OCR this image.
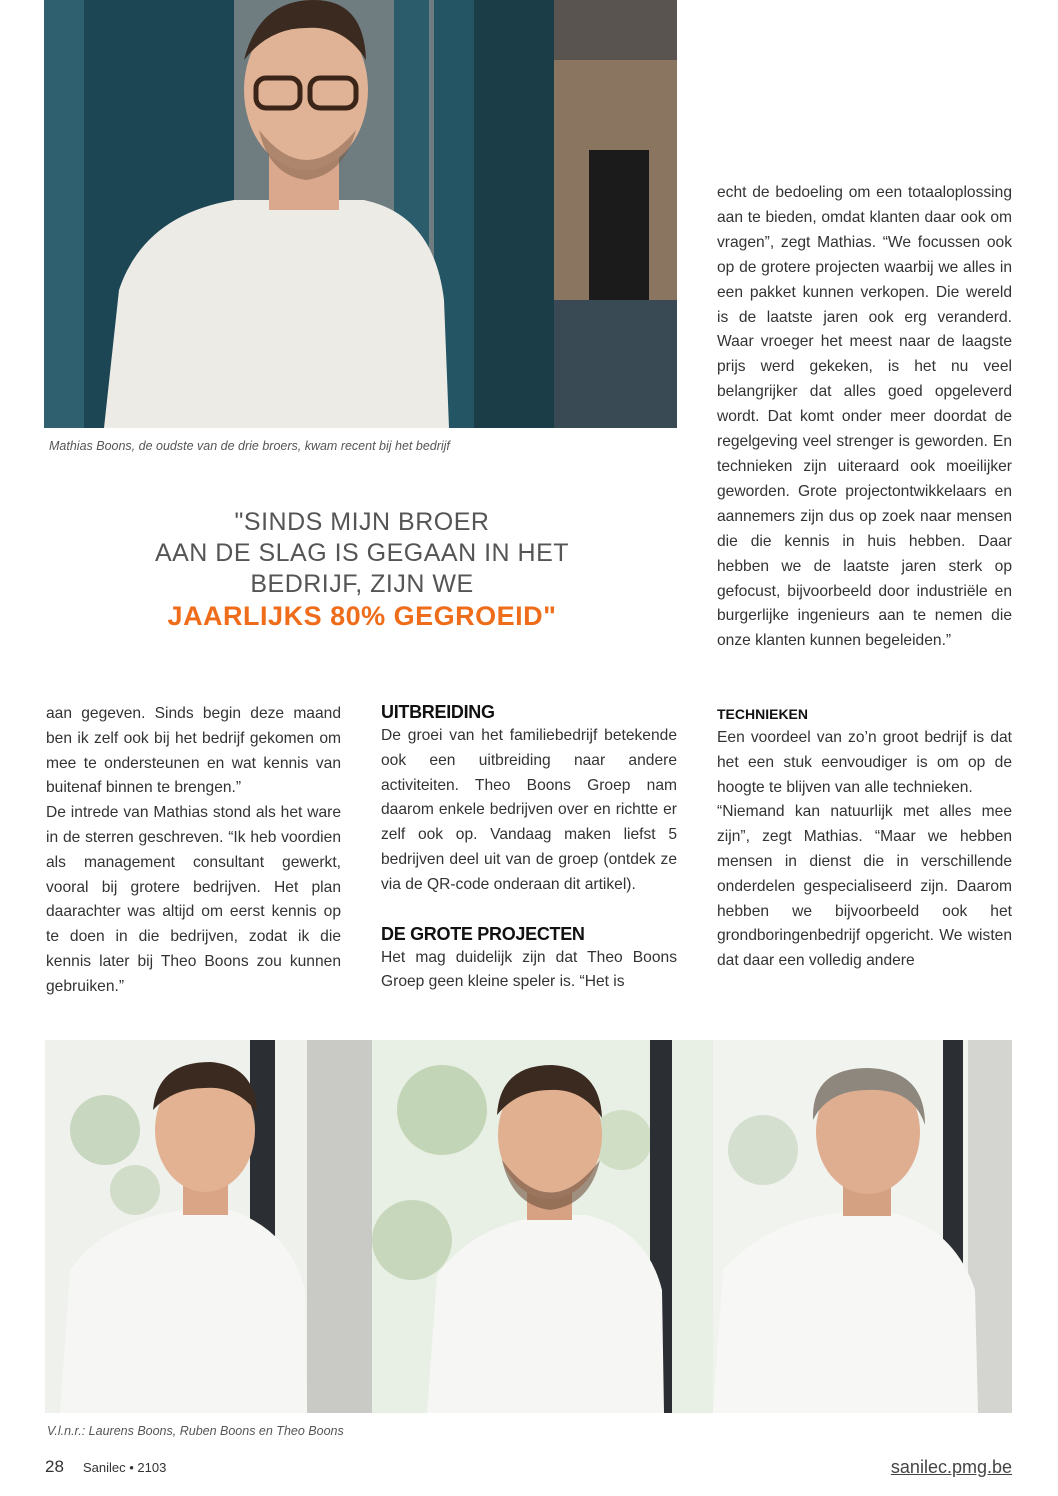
Mathias Boons, de oudste van de drie broers, kwam recent bij het bedrijf
"SINDS MIJN BROER
AAN DE SLAG IS GEGAAN IN HET
BEDRIJF, ZIJN WE
JAARLIJKS 80% GEGROEID"

echt de bedoeling om een totaaloplossing aan te bieden, omdat klanten daar ook om vragen”, zegt Mathias. “We focussen ook op de grotere projecten waarbij we alles in een pakket kunnen verkopen. Die wereld is de laatste jaren ook erg veranderd. Waar vroeger het meest naar de laagste prijs werd gekeken, is het nu veel belangrijker dat alles goed opgeleverd wordt. Dat komt onder meer doordat de regelgeving veel strenger is geworden. En technieken zijn uiteraard ook moeilijker geworden. Grote projectontwikkelaars en aannemers zijn dus op zoek naar mensen die die kennis in huis hebben. Daar hebben we de laatste jaren sterk op gefocust, bijvoorbeeld door industriële en burgerlijke ingenieurs aan te nemen die onze klanten kunnen begeleiden.”

aan gegeven. Sinds begin deze maand ben ik zelf ook bij het bedrijf gekomen om mee te ondersteunen en wat kennis van buitenaf binnen te brengen.”

De intrede van Mathias stond als het ware in de sterren geschreven. “Ik heb voordien als management consultant gewerkt, vooral bij grotere bedrijven. Het plan daarachter was altijd om eerst kennis op te doen in die bedrijven, zodat ik die kennis later bij Theo Boons zou kunnen gebruiken.”

UITBREIDING

De groei van het familiebedrijf betekende ook een uitbreiding naar andere activiteiten. Theo Boons Groep nam daarom enkele bedrijven over en richtte er zelf ook op. Vandaag maken liefst 5 bedrijven deel uit van de groep (ontdek ze via de QR-code onderaan dit artikel).

DE GROTE PROJECTEN

Het mag duidelijk zijn dat Theo Boons Groep geen kleine speler is. “Het is

TECHNIEKEN

Een voordeel van zo’n groot bedrijf is dat het een stuk eenvoudiger is om op de hoogte te blijven van alle technieken.

“Niemand kan natuurlijk met alles mee zijn”, zegt Mathias. “Maar we hebben mensen in dienst die in verschillende onderdelen gespecialiseerd zijn. Daarom hebben we bijvoorbeeld ook het grondboringenbedrijf opgericht. We wisten dat daar een volledig andere

V.l.n.r.: Laurens Boons, Ruben Boons en Theo Boons
28 Sanilec • 2103	sanilec.pmg.be
